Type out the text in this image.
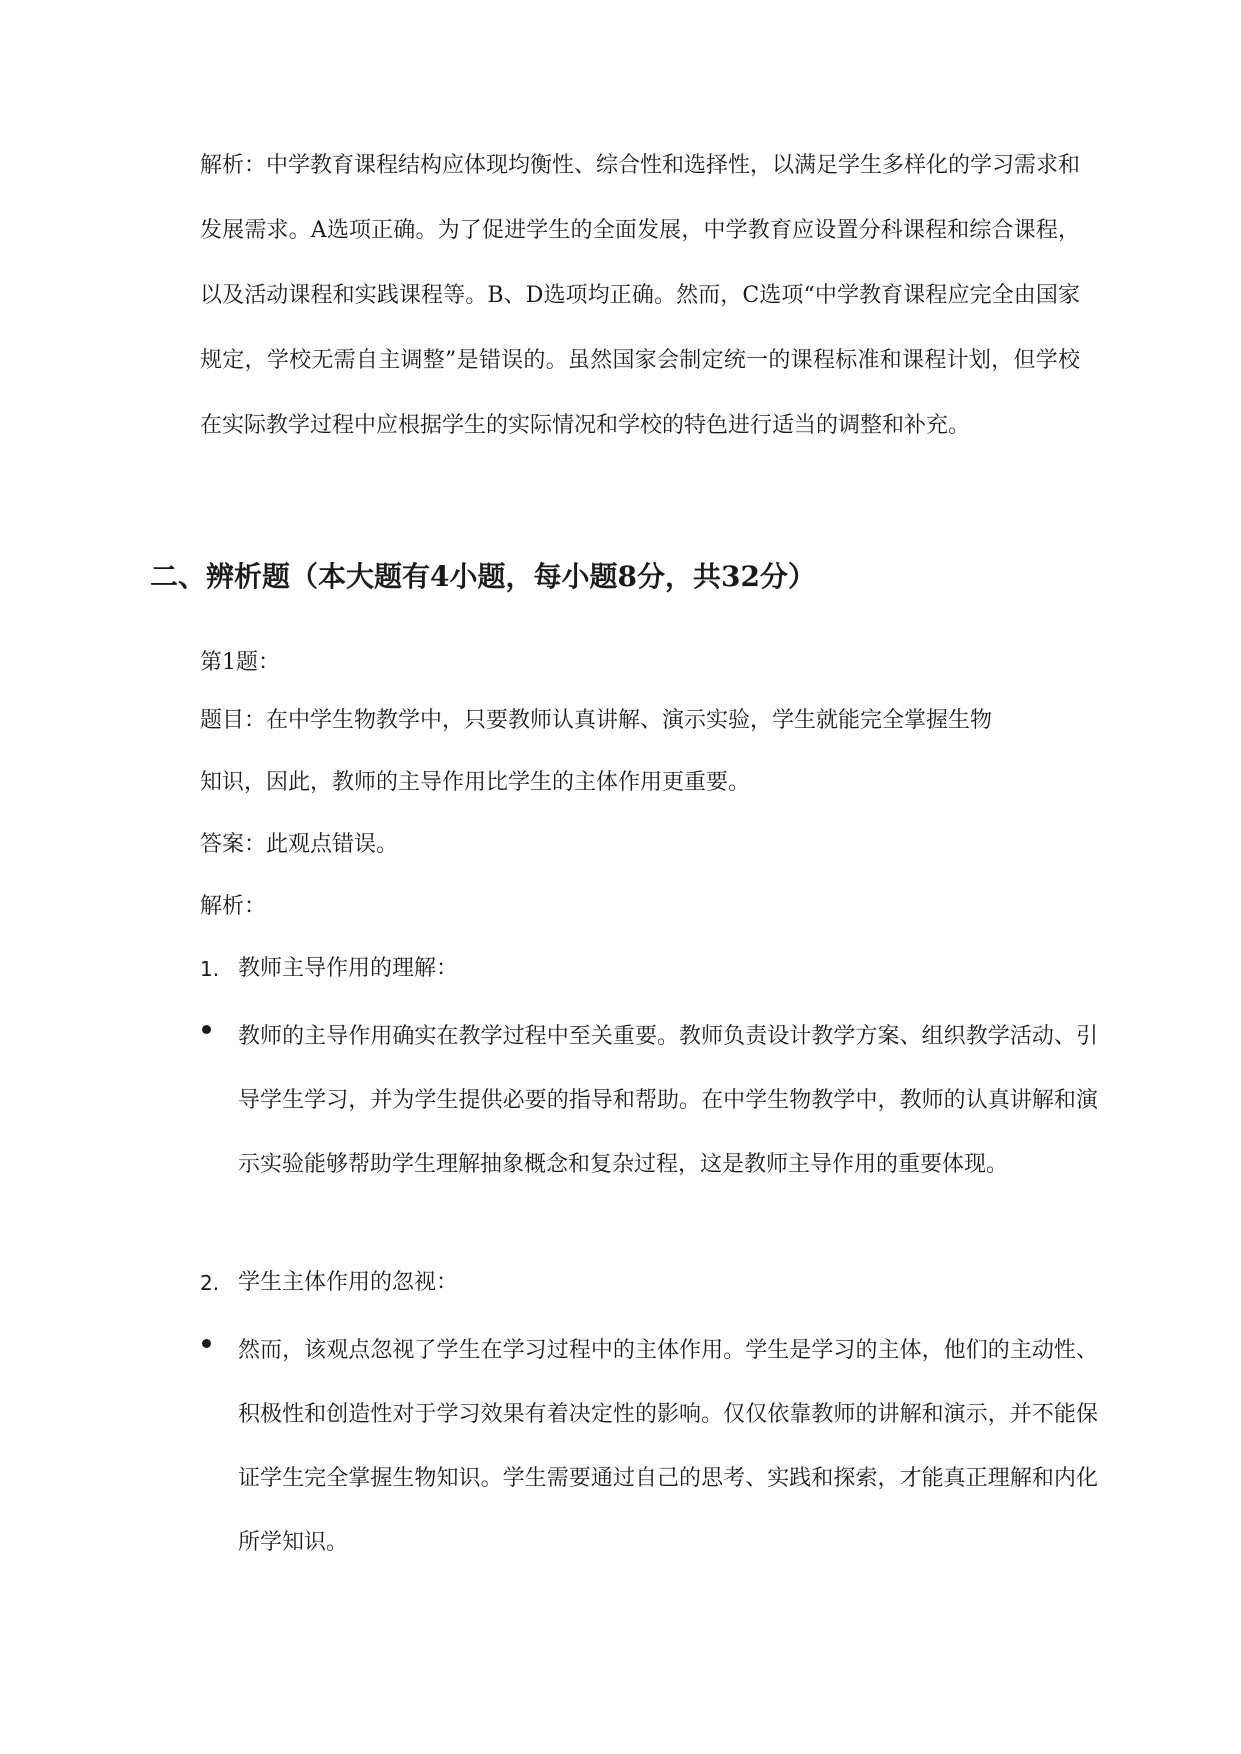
解析：中学教育课程结构应体现均衡性、综合性和选择性，以满足学生多样化的学习需求和发展需求。A选项正确。为了促进学生的全面发展，中学教育应设置分科课程和综合课程，以及活动课程和实践课程等。B、D选项均正确。然而，C选项“中学教育课程应完全由国家规定，学校无需自主调整”是错误的。虽然国家会制定统一的课程标准和课程计划，但学校在实际教学过程中应根据学生的实际情况和学校的特色进行适当的调整和补充。

二、辨析题（本大题有4小题，每小题8分，共32分）

第1题：

题目：在中学生物教学中，只要教师认真讲解、演示实验，学生就能完全掌握生物

知识，因此，教师的主导作用比学生的主体作用更重要。

答案：此观点错误。

解析：

1. 教师主导作用的理解：

教师的主导作用确实在教学过程中至关重要。教师负责设计教学方案、组织教学活动、引导学生学习，并为学生提供必要的指导和帮助。在中学生物教学中，教师的认真讲解和演示实验能够帮助学生理解抽象概念和复杂过程，这是教师主导作用的重要体现。

2. 学生主体作用的忽视：

然而，该观点忽视了学生在学习过程中的主体作用。学生是学习的主体，他们的主动性、积极性和创造性对于学习效果有着决定性的影响。仅仅依靠教师的讲解和演示，并不能保证学生完全掌握生物知识。学生需要通过自己的思考、实践和探索，才能真正理解和内化所学知识。
